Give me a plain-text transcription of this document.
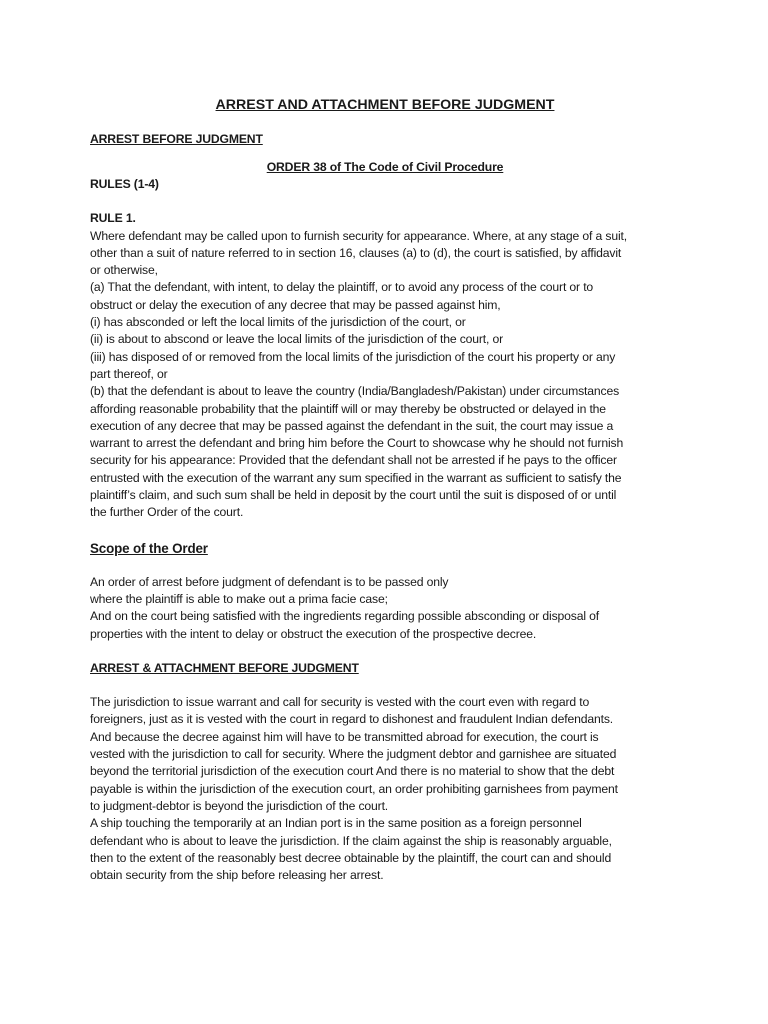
ARREST AND ATTACHMENT BEFORE JUDGMENT
ARREST BEFORE JUDGMENT
ORDER 38 of The Code of Civil Procedure
RULES (1-4)
RULE 1.
Where defendant may be called upon to furnish security for appearance. Where, at any stage of a suit,
other than a suit of nature referred to in section 16, clauses (a) to (d), the court is satisfied, by affidavit
or otherwise,
(a) That the defendant, with intent, to delay the plaintiff, or to avoid any process of the court or to
obstruct or delay the execution of any decree that may be passed against him,
(i) has absconded or left the local limits of the jurisdiction of the court, or
(ii) is about to abscond or leave the local limits of the jurisdiction of the court, or
(iii) has disposed of or removed from the local limits of the jurisdiction of the court his property or any
part thereof, or
(b) that the defendant is about to leave the country (India/Bangladesh/Pakistan) under circumstances
affording reasonable probability that the plaintiff will or may thereby be obstructed or delayed in the
execution of any decree that may be passed against the defendant in the suit, the court may issue a
warrant to arrest the defendant and bring him before the Court to showcase why he should not furnish
security for his appearance: Provided that the defendant shall not be arrested if he pays to the officer
entrusted with the execution of the warrant any sum specified in the warrant as sufficient to satisfy the
plaintiff’s claim, and such sum shall be held in deposit by the court until the suit is disposed of or until
the further Order of the court.
Scope of the Order
An order of arrest before judgment of defendant is to be passed only
where the plaintiff is able to make out a prima facie case;
And on the court being satisfied with the ingredients regarding possible absconding or disposal of
properties with the intent to delay or obstruct the execution of the prospective decree.
ARREST & ATTACHMENT BEFORE JUDGMENT
The jurisdiction to issue warrant and call for security is vested with the court even with regard to
foreigners, just as it is vested with the court in regard to dishonest and fraudulent Indian defendants.
And because the decree against him will have to be transmitted abroad for execution, the court is
vested with the jurisdiction to call for security. Where the judgment debtor and garnishee are situated
beyond the territorial jurisdiction of the execution court And there is no material to show that the debt
payable is within the jurisdiction of the execution court, an order prohibiting garnishees from payment
to judgment-debtor is beyond the jurisdiction of the court.
A ship touching the temporarily at an Indian port is in the same position as a foreign personnel
defendant who is about to leave the jurisdiction. If the claim against the ship is reasonably arguable,
then to the extent of the reasonably best decree obtainable by the plaintiff, the court can and should
obtain security from the ship before releasing her arrest.
